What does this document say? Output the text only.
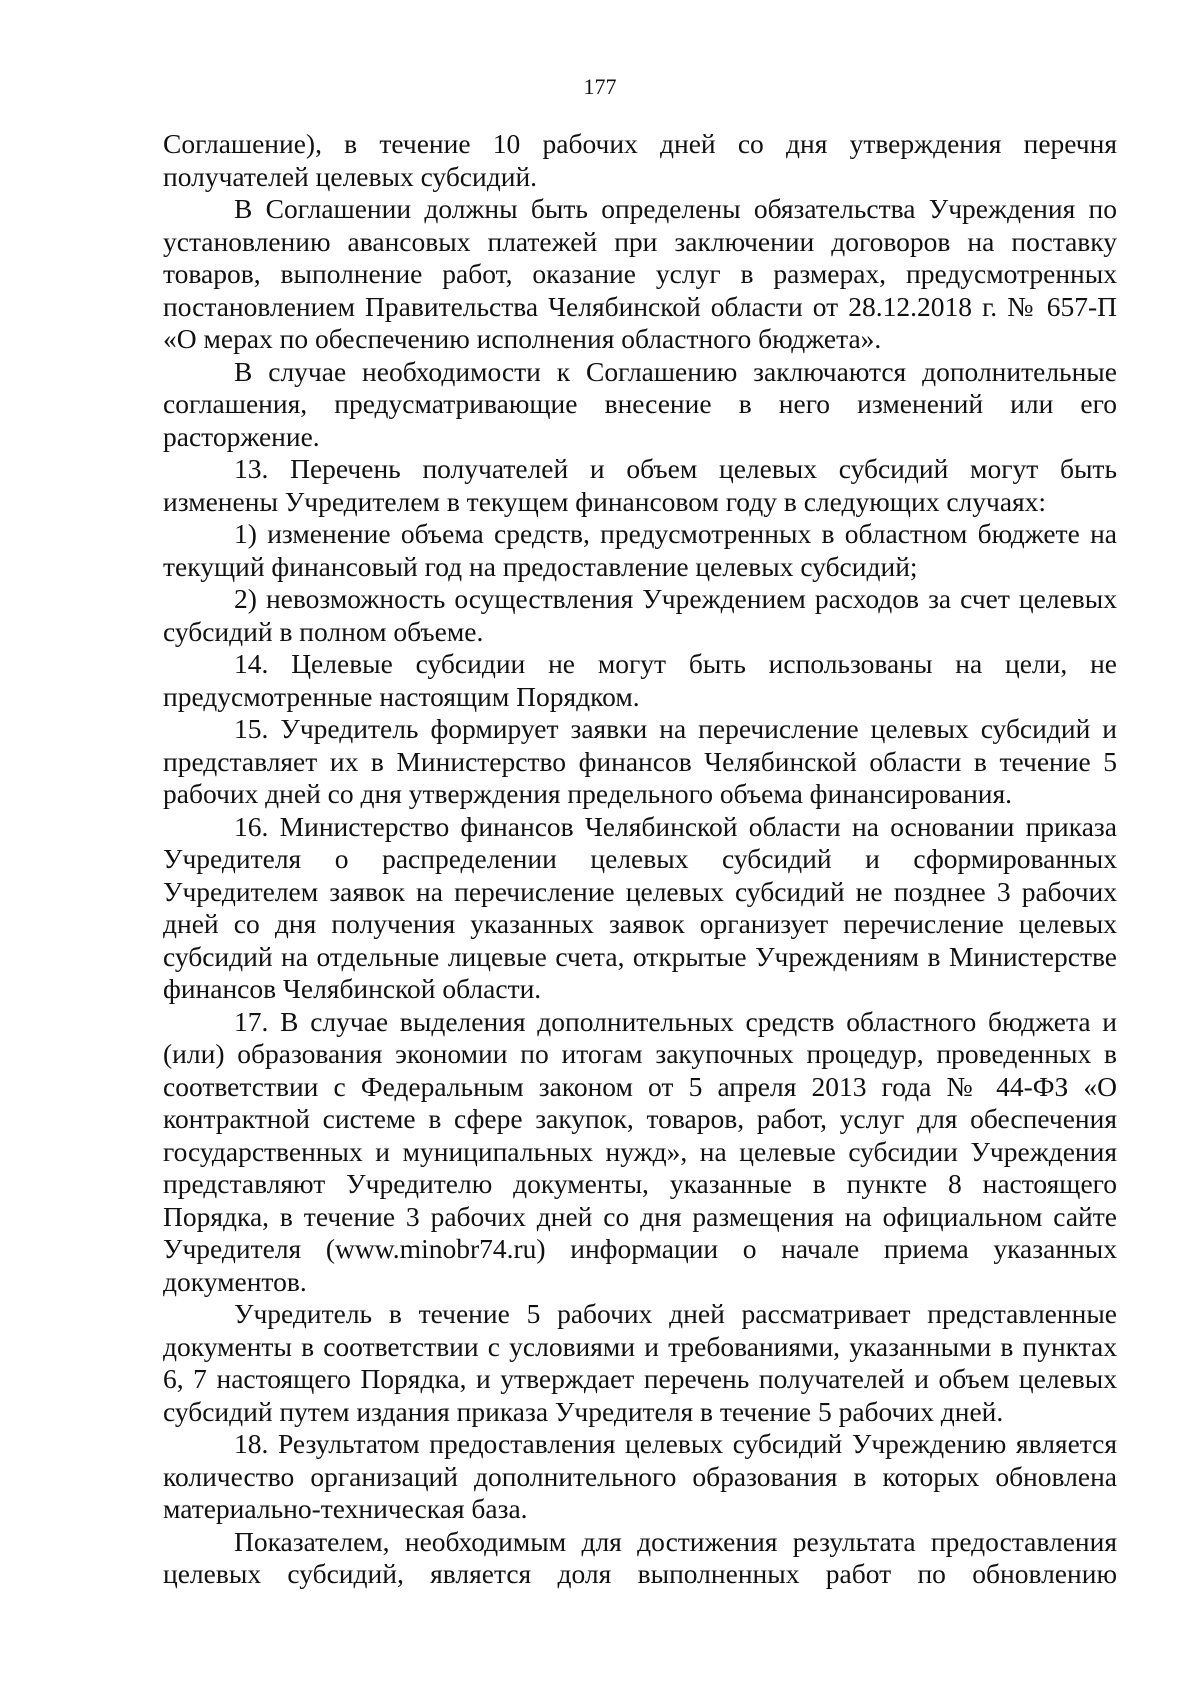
177

Соглашение), в течение 10 рабочих дней со дня утверждения перечня получателей целевых субсидий.

В Соглашении должны быть определены обязательства Учреждения по установлению авансовых платежей при заключении договоров на поставку товаров, выполнение работ, оказание услуг в размерах, предусмотренных постановлением Правительства Челябинской области от 28.12.2018 г. № 657-П «О мерах по обеспечению исполнения областного бюджета».

В случае необходимости к Соглашению заключаются дополнительные соглашения, предусматривающие внесение в него изменений или его расторжение.

13. Перечень получателей и объем целевых субсидий могут быть изменены Учредителем в текущем финансовом году в следующих случаях:

1) изменение объема средств, предусмотренных в областном бюджете на текущий финансовый год на предоставление целевых субсидий;

2) невозможность осуществления Учреждением расходов за счет целевых субсидий в полном объеме.

14. Целевые субсидии не могут быть использованы на цели, не предусмотренные настоящим Порядком.

15. Учредитель формирует заявки на перечисление целевых субсидий и представляет их в Министерство финансов Челябинской области в течение 5 рабочих дней со дня утверждения предельного объема финансирования.

16. Министерство финансов Челябинской области на основании приказа Учредителя о распределении целевых субсидий и сформированных Учредителем заявок на перечисление целевых субсидий не позднее 3 рабочих дней со дня получения указанных заявок организует перечисление целевых субсидий на отдельные лицевые счета, открытые Учреждениям в Министерстве финансов Челябинской области.

17. В случае выделения дополнительных средств областного бюджета и (или) образования экономии по итогам закупочных процедур, проведенных в соответствии с Федеральным законом от 5 апреля 2013 года № 44-ФЗ «О контрактной системе в сфере закупок, товаров, работ, услуг для обеспечения государственных и муниципальных нужд», на целевые субсидии Учреждения представляют Учредителю документы, указанные в пункте 8 настоящего Порядка, в течение 3 рабочих дней со дня размещения на официальном сайте Учредителя (www.minobr74.ru) информации о начале приема указанных документов.

Учредитель в течение 5 рабочих дней рассматривает представленные документы в соответствии с условиями и требованиями, указанными в пунктах 6, 7 настоящего Порядка, и утверждает перечень получателей и объем целевых субсидий путем издания приказа Учредителя в течение 5 рабочих дней.

18. Результатом предоставления целевых субсидий Учреждению является количество организаций дополнительного образования в которых обновлена материально-техническая база.

Показателем, необходимым для достижения результата предоставления целевых субсидий, является доля выполненных работ по обновлению
